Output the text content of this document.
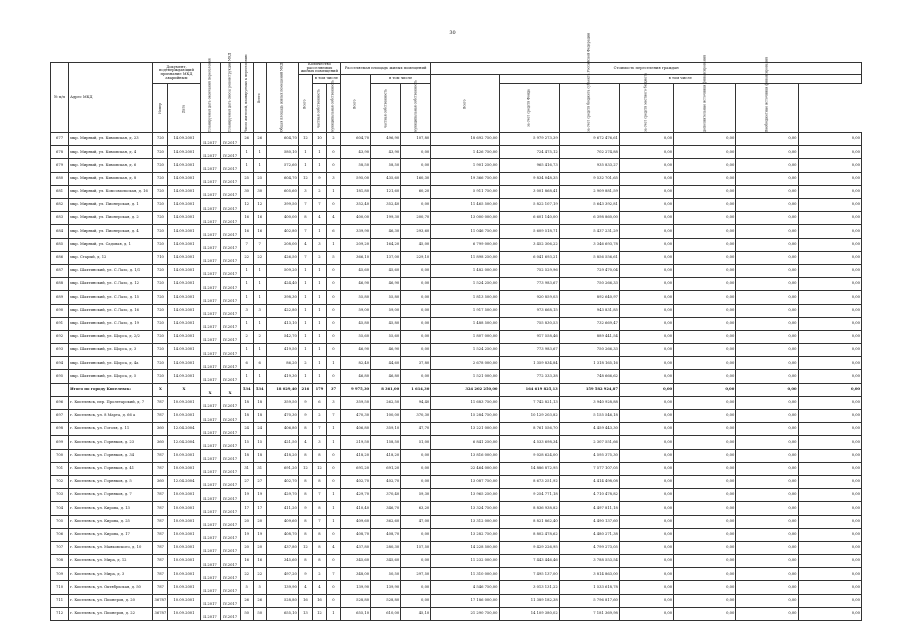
30
№ п/п	Адрес МКД	Документ, подтверждающий признание МКД аварийным		Планируемая дата окончания переселения	Планируемая дата сноса/ реконструкции МКД	Число жителей, планируемых к переселению	Всего	Общая площадь жилых помещений МКД	Количество расселяемых жилых помещений			Расселяемая площадь жилых помещений			Стоимость переселения граждан						
									Всего	в том числе		Всего	в том числе		Всего	в том числе					
		Номер	Дата							частная собственность	муниципальная собственность		частная собственность	муниципальная собственность		за счет средств Фонда	за счет средств бюджета субъекта Российской Федерации	за счет средств местного бюджета	дополнительные источники финансирования	Внебюджетные источники финансирования	
677	мкр. Мирный, ул. Кимовская, д. 23	720	14.09.2001	II.2017	IV.2017	26	26	604,70	12	10	2	604,70	496,90	107,80	18 692 750,00	5 979 273,39	9 672 476,61	0,00	0,00	0,00	0,00
678	мкр. Мирный, ул. Кимовская, д. 4	720	14.09.2001	II.2017	IV.2017	1	1	580,10	1	1	0	43,90	43,90	0,00	1 426 750,00	724 475,12	702 274,88	0,00	0,00	0,00	0,00
679	мкр. Мирный, ул. Кимовская, д. 6	720	14.09.2001	II.2017	IV.2017	1	1	572,60	1	1	0	58,50	58,50	0,00	1 901 250,00	965 416,73	935 833,27	0,00	0,00	0,00	0,00
680	мкр. Мирный, ул. Кимовская, д. 8	720	14.09.2001	II.2017	IV.2017	25	25	604,70	12	9	3	595,00	435,60	160,30	19 366 750,00	9 834 048,35	9 532 701,65	0,00	0,00	0,00	0,00
681	мкр. Мирный, ул. Комсомольская, д. 16	720	14.09.2001	II.2017	IV.2017	30	30	605,60	3	2	1	181,80	121,60	60,20	5 911 750,00	3 001 868,41	2 909 881,59	0,00	0,00	0,00	0,00
682	мкр. Мирный, ул. Пионерская, д. 1	720	14.09.2001	II.2017	IV.2017	12	12	399,50	7	7	0	352,40	352,40	0,00	11 465 500,00	5 822 107,19	5 643 392,81	0,00	0,00	0,00	0,00
683	мкр. Мирный, ул. Пионерская, д. 2	720	14.09.2001	II.2017	IV.2017	16	16	400,00	8	4	4	400,00	199,30	200,70	13 000 000,00	6 601 140,00	6 398 860,00	0,00	0,00	0,00	0,00
684	мкр. Мирный, ул. Пионерская, д. 4	720	14.09.2001	II.2017	IV.2017	16	16	402,80	7	1	6	339,90	46,30	293,60	11 046 750,00	5 609 518,71	5 437 231,29	0,00	0,00	0,00	0,00
685	мкр. Мирный, ул. Садовая, д. 1	720	14.09.2001	II.2017	IV.2017	7	7	208,00	4	3	1	209,20	164,20	45,00	6 799 000,00	3 452 306,22	3 346 693,78	0,00	0,00	0,00	0,00
686	мкр. Старый, д. 12	710	14.09.2001	II.2017	IV.2017	22	22	426,50	7	2	5	366,10	137,00	229,10	11 898 250,00	6 041 693,21	5 856 556,61	0,00	0,00	0,00	0,00
687	мкр. Шахтинский, ул. С.Лазо, д. 1/1	720	14.09.2001	II.2017	IV.2017	1	1	509,20	1	1	0	45,60	45,60	0,00	1 482 000,00	752 529,96	729 470,04	0,00	0,00	0,00	0,00
688	мкр. Шахтинский, ул. С.Лазо, д. 12	720	14.09.2001	II.2017	IV.2017	1	1	424,40	1	1	0	46,90	46,90	0,00	1 524 250,00	773 983,67	750 266,33	0,00	0,00	0,00	0,00
689	мкр. Шахтинский, ул. С.Лазо, д. 15	720	14.09.2001	II.2017	IV.2017	1	1	398,30	1	1	0	55,80	55,80	0,00	1 813 500,00	920 859,03	892 640,97	0,00	0,00	0,00	0,00
690	мкр. Шахтинский, ул. С.Лазо, д. 16	720	14.09.2001	II.2017	IV.2017	3	3	422,80	1	1	0	59,00	59,00	0,00	1 917 500,00	973 668,15	943 831,85	0,00	0,00	0,00	0,00
691	мкр. Шахтинский, ул. С.Лазо, д. 19	720	14.09.2001	II.2017	IV.2017	1	1	413,10	1	1	0	45,80	45,80	0,00	1 488 500,00	755 830,53	732 669,47	0,00	0,00	0,00	0,00
692	мкр. Шахтинский, ул. Щорса, д. 2/2	720	14.09.2001	II.2017	IV.2017	2	2	542,70	1	1	0	55,60	55,60	0,00	1 807 000,00	917 558,46	889 441,54	0,00	0,00	0,00	0,00
693	мкр. Шахтинский, ул. Щорса, д. 3	720	14.09.2001	II.2017	IV.2017	1	1	419,50	1	1	0	46,90	46,90	0,00	1 524 250,00	773 983,67	750 266,33	0,00	0,00	0,00	0,00
694	мкр. Шахтинский, ул. Щорса, д. 4а	720	14.09.2001	II.2017	IV.2017	6	6	86,20	2	1	1	82,40	44,60	37,80	2 678 000,00	1 359 834,84	1 318 165,16	0,00	0,00	0,00	0,00
695	мкр. Шахтинский, ул. Щорса, д. 5	720	14.09.2001	II.2017	IV.2017	1	1	419,30	1	1	0	46,80	46,80	0,00	1 521 000,00	772 333,38	748 666,62	0,00	0,00	0,00	0,00
	Итого по городу Киселевск:	X	X	X	X	534	534	18 029,40	216	179	37	9 975,30	8 361,00	1 614,30	324 202 250,00	164 619 825,13	159 582 924,87	0,00	0,00	0,00	0,00
696	г. Киселевск, пер. Пролетарский, д. 7	787	10.09.2001	II.2017	IV.2017	18	18	359,50	9	6	3	359,50	262,50	94,40	11 683 750,00	7 742 821,13	3 940 928,88	0,00	0,00	0,00	0,00
697	г. Киселевск, ул. 8 Марта, д. 66 а	787	10.09.2001	II.2017	IV.2017	18	18	470,30	9	2	7	470,30	100,00	370,30	15 284 750,00	10 129 203,82	5 155 546,18	0,00	0,00	0,00	0,00
698	г. Киселевск, ул. Гоголя, д. 11	360	12.04.2004	II.2017	IV.2017	24	24	406,80	8	7	1	406,80	359,10	47,70	13 221 000,00	8 761 556,70	4 459 443,30	0,00	0,00	0,00	0,00
699	г. Киселевск, ул. Горняков, д. 23	360	12.04.2004	II.2017	IV.2017	15	15	421,50	4	3	1	219,50	158,50	51,00	6 841 250,00	4 533 698,34	2 307 551,66	0,00	0,00	0,00	0,00
700	г. Киселевск, ул. Горняков, д. 34	787	10.09.2001	II.2017	IV.2017	18	18	418,20	8	8	0	418,20	418,20	0,00	13 816 000,00	9 028 624,00	4 595 375,30	0,00	0,00	0,00	0,00
701	г. Киселевск, ул. Горняков, д. 41	787	10.09.2001	II.2017	IV.2017	31	31	691,20	12	12	0	691,20	691,20	0,00	22 464 000,00	14 886 872,95	7 577 107,05	0,00	0,00	0,00	0,00
702	г. Киселевск, ул. Горняков, д. 5	360	12.04.2004	II.2017	IV.2017	27	27	402,70	8	8	0	402,70	402,70	0,00	13 087 750,00	8 673 251,92	4 414 498,08	0,00	0,00	0,00	0,00
703	г. Киселевск, ул. Горняков, д. 7	787	10.09.2001	II.2017	IV.2017	19	19	429,70	8	7	1	429,70	370,40	59,30	13 965 250,00	9 254 771,18	4 710 478,82	0,00	0,00	0,00	0,00
704	г. Киселевск, ул. Кирова, д. 13	787	10.09.2001	II.2017	IV.2017	17	17	411,20	9	8	1	410,40	346,70	63,20	13 324 750,00	8 836 938,82	4 497 811,18	0,00	0,00	0,00	0,00
705	г. Киселевск, ул. Кирова, д. 25	787	10.09.2001	II.2017	IV.2017	20	20	409,60	8	7	1	409,60	362,60	47,00	13 312 000,00	8 821 862,40	4 490 137,60	0,00	0,00	0,00	0,00
706	г. Киселевск, ул. Кирова, д. 17	787	10.09.2001	II.2017	IV.2017	19	19	408,70	8	8	0	408,70	408,70	0,00	13 282 750,00	8 802 478,62	4 480 271,38	0,00	0,00	0,00	0,00
707	г. Киселевск, ул. Маяковского, д. 10	787	10.09.2001	II.2017	IV.2017	20	20	437,80	12	8	4	437,80	280,30	157,50	14 228 500,00	9 429 226,95	4 799 273,05	0,00	0,00	0,00	0,00
708	г. Киселевск, ул. Мира, д. 12	787	10.09.2001	II.2017	IV.2017	16	16	345,60	8	8	0	345,60	345,60	0,00	11 232 000,00	7 443 446,46	3 788 553,54	0,00	0,00	0,00	0,00
709	г. Киселевск, ул. Мира, д. 3	787	10.09.2001	II.2017	IV.2017	22	22	497,20	9	2	7	348,00	50,50	297,50	11 310 000,00	7 495 137,00	3 814 863,00	0,00	0,00	0,00	0,00
710	г. Киселевск, ул. Октябрьская, д. 50	787	10.09.2001	II.2017	IV.2017	5	5	139,90	4	4	0	139,90	139,90	0,00	4 546 750,00	3 013 131,22	1 533 618,78	0,00	0,00	0,00	0,00
711	г. Киселевск, ул. Пионеров, д. 20	36787	10.09.2001	II.2017	IV.2017	26	26	528,80	16	16	0	528,80	528,80	0,00	17 186 000,00	11 389 182,38	5 796 817,60	0,00	0,00	0,00	0,00
712	г. Киселевск, ул. Пионеров, д. 22	36787	10.09.2001	II.2017	IV.2017	50	50	655,10	13	12	1	655,10	610,00	45,10	21 290 750,00	14 109 380,02	7 181 369,98	0,00	0,00	0,00	0,00
